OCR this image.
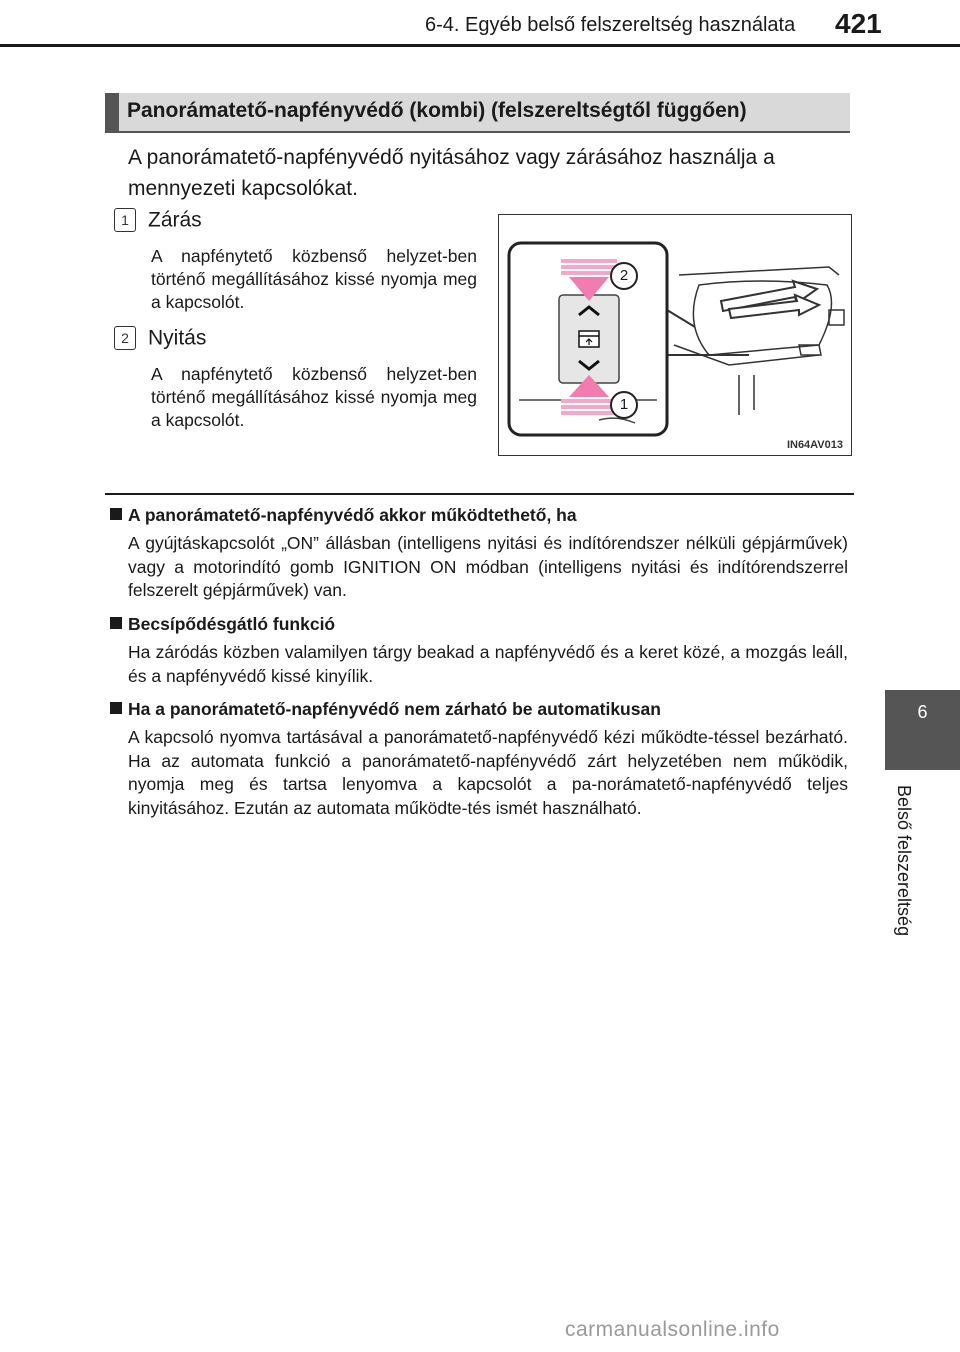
6-4. Egyéb belső felszereltség használata 421
Panorámatető-napfényvédő (kombi) (felszereltségtől függően)
A panorámatető-napfényvédő nyitásához vagy zárásához használja a mennyezeti kapcsolókat.
1 Zárás
A napfénytető közbenső helyzet-ben történő megállításához kissé nyomja meg a kapcsolót.
2 Nyitás
A napfénytető közbenső helyzet-ben történő megállításához kissé nyomja meg a kapcsolót.
2
1
IN64AV013
A panorámatető-napfényvédő akkor működtethető, ha
A gyújtáskapcsolót „ON” állásban (intelligens nyitási és indítórendszer nélküli gépjárművek) vagy a motorindító gomb IGNITION ON módban (intelligens nyitási és indítórendszerrel felszerelt gépjárművek) van.
Becsípődésgátló funkció
Ha záródás közben valamilyen tárgy beakad a napfényvédő és a keret közé, a mozgás leáll, és a napfényvédő kissé kinyílik.
Ha a panorámatető-napfényvédő nem zárható be automatikusan
A kapcsoló nyomva tartásával a panorámatető-napfényvédő kézi működte-téssel bezárható. Ha az automata funkció a panorámatető-napfényvédő zárt helyzetében nem működik, nyomja meg és tartsa lenyomva a kapcsolót a pa-norámatető-napfényvédő teljes kinyitásához. Ezután az automata működte-tés ismét használható.
6
Belső felszereltség
carmanualsonline.info
